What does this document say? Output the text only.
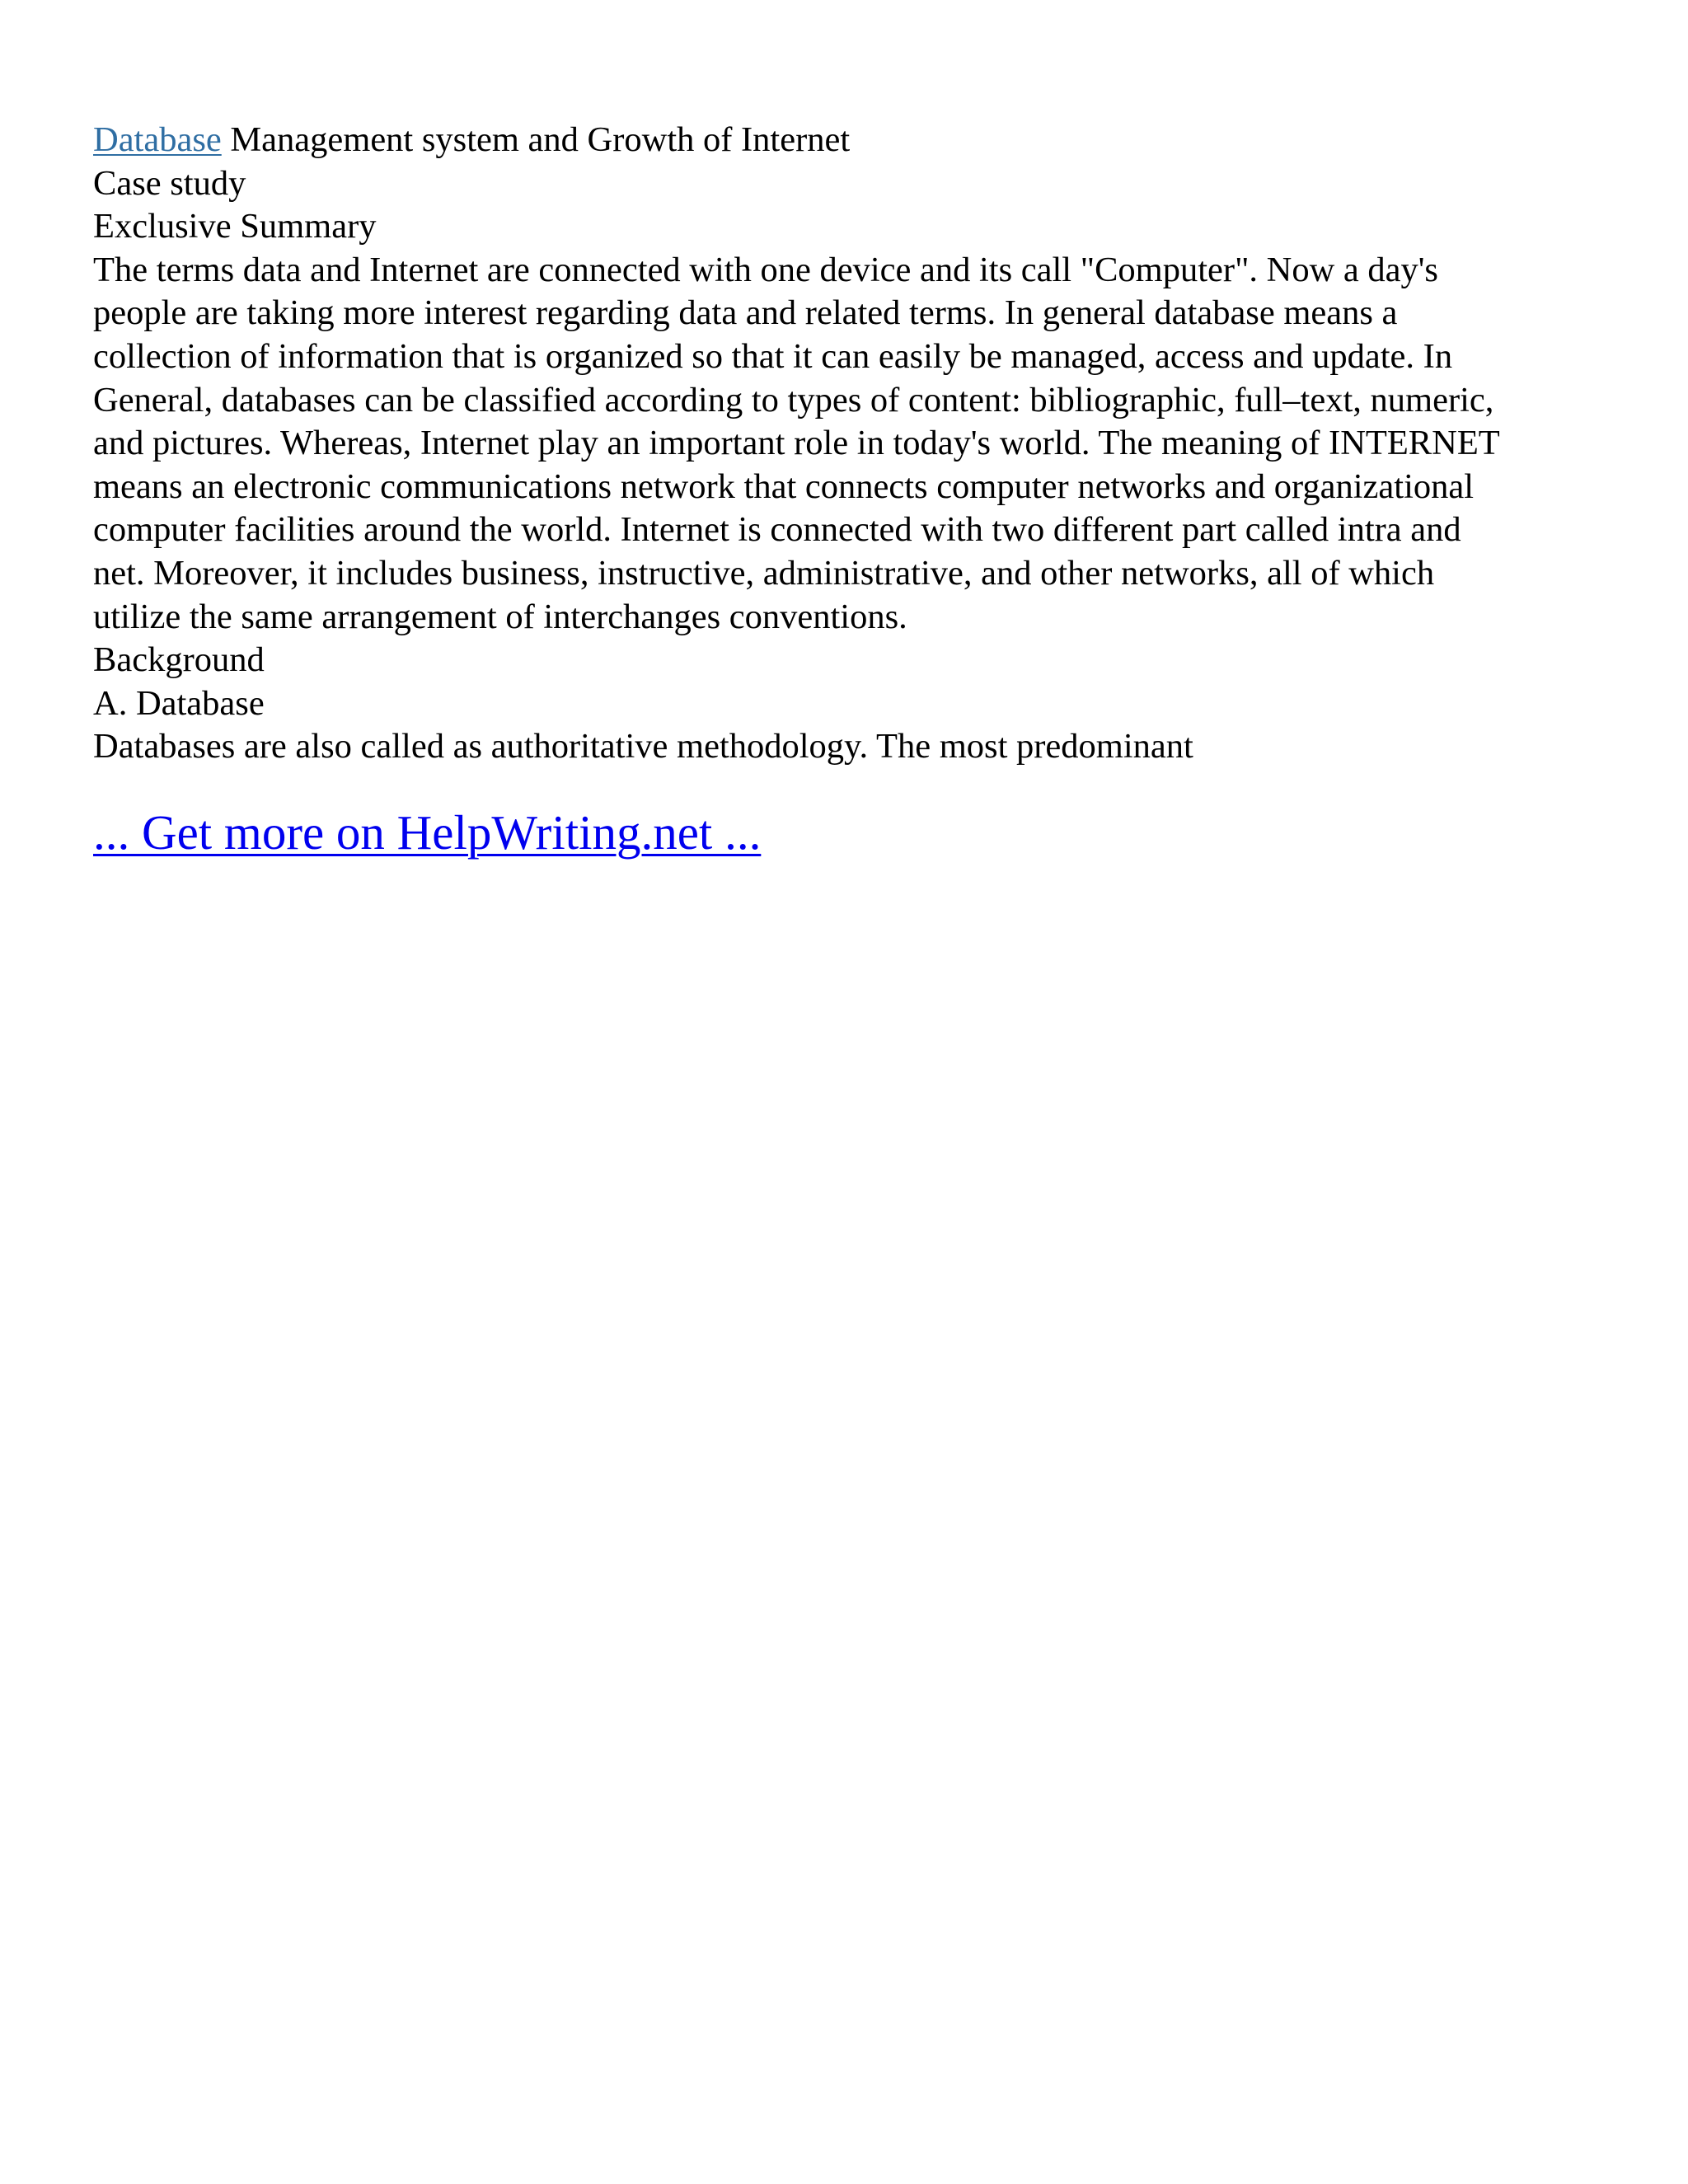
Database Management system and Growth of Internet
Case study
Exclusive Summary
The terms data and Internet are connected with one device and its call "Computer". Now a day's
people are taking more interest regarding data and related terms. In general database means a
collection of information that is organized so that it can easily be managed, access and update. In
General, databases can be classified according to types of content: bibliographic, full–text, numeric,
and pictures. Whereas, Internet play an important role in today's world. The meaning of INTERNET
means an electronic communications network that connects computer networks and organizational
computer facilities around the world. Internet is connected with two different part called intra and
net. Moreover, it includes business, instructive, administrative, and other networks, all of which
utilize the same arrangement of interchanges conventions.
Background
A. Database
Databases are also called as authoritative methodology. The most predominant
... Get more on HelpWriting.net ...
